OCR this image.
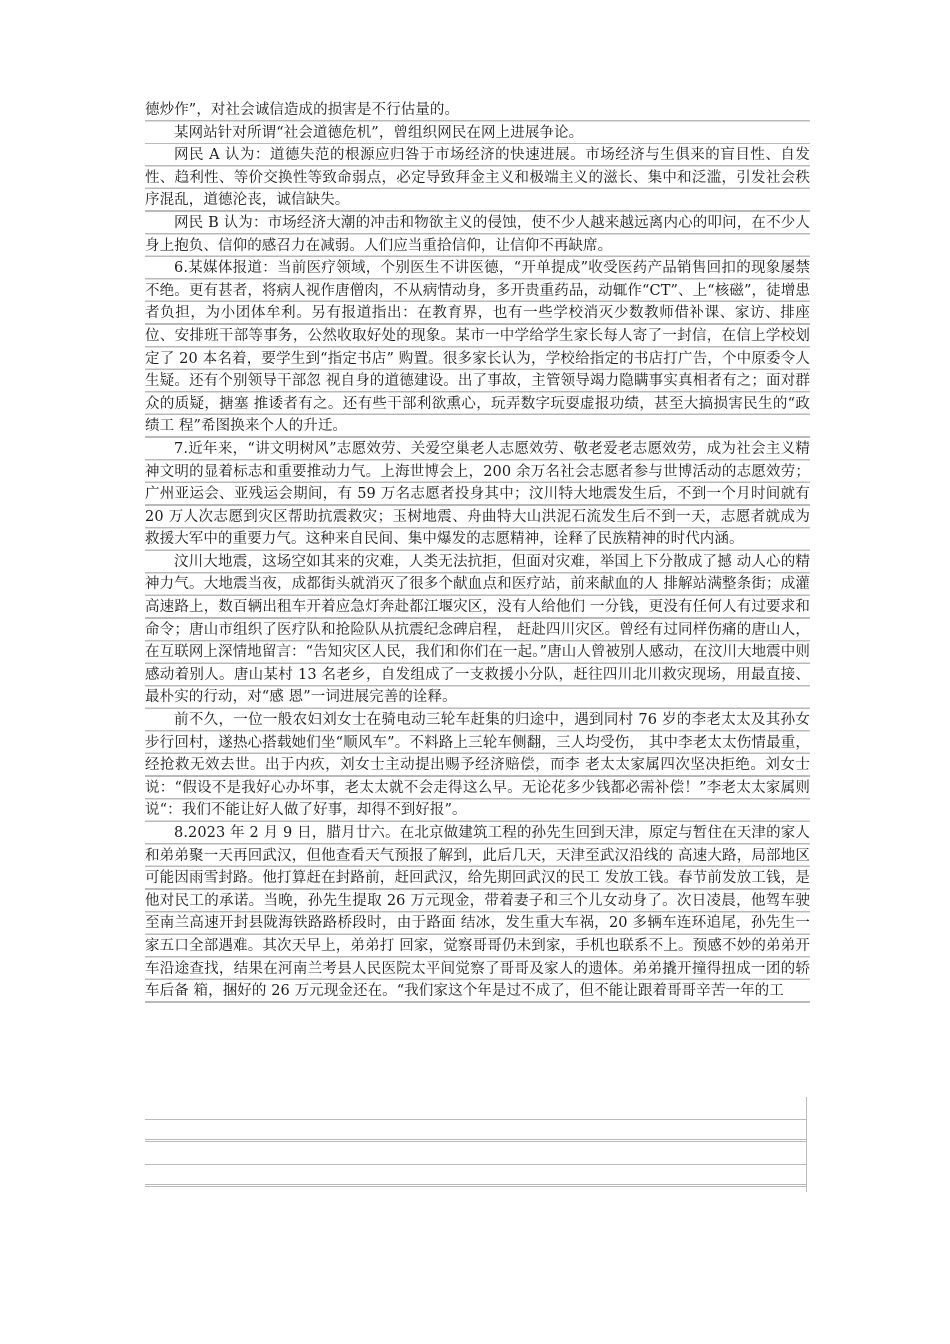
德炒作”，对社会诚信造成的损害是不行估量的。

某网站针对所谓“社会道德危机”，曾组织网民在网上进展争论。

网民 A 认为：道德失范的根源应归咎于市场经济的快速进展。市场经济与生俱来的盲目性、自发性、趋利性、等价交换性等致命弱点，必定导致拜金主义和极端主义的滋长、集中和泛滥，引发社会秩序混乱，道德沦丧，诚信缺失。

网民 B 认为：市场经济大潮的冲击和物欲主义的侵蚀，使不少人越来越远离内心的叩问，在不少人身上抱负、信仰的感召力在减弱。人们应当重拾信仰，让信仰不再缺席。

6.某媒体报道：当前医疗领域，个别医生不讲医德，“开单提成”收受医药产品销售回扣的现象屡禁不绝。更有甚者，将病人视作唐僧肉，不从病情动身，多开贵重药品，动辄作“CT”、上“核磁”，徒增患者负担，为小团体牟利。另有报道指出：在教育界，也有一些学校消灭少数教师借补课、家访、排座位、安排班干部等事务，公然收取好处的现象。某市一中学给学生家长每人寄了一封信，在信上学校划定了 20 本名着，要学生到“指定书店” 购置。很多家长认为，学校给指定的书店打广告，个中原委令人生疑。还有个别领导干部忽 视自身的道德建设。出了事故，主管领导竭力隐瞒事实真相者有之；面对群众的质疑，搪塞 推诿者有之。还有些干部利欲熏心，玩弄数字玩耍虚报功绩，甚至大搞损害民生的“政绩工 程”希图换来个人的升迁。

7.近年来，“讲文明树风”志愿效劳、关爱空巢老人志愿效劳、敬老爱老志愿效劳，成为社会主义精神文明的显着标志和重要推动力气。上海世博会上，200 余万名社会志愿者参与世博活动的志愿效劳；广州亚运会、亚残运会期间，有 59 万名志愿者投身其中；汶川特大地震发生后，不到一个月时间就有 20 万人次志愿到灾区帮助抗震救灾；玉树地震、舟曲特大山洪泥石流发生后不到一天，志愿者就成为救援大军中的重要力气。这种来自民间、集中爆发的志愿精神，诠释了民族精神的时代内涵。

汶川大地震，这场空如其来的灾难，人类无法抗拒，但面对灾难，举国上下分散成了撼 动人心的精神力气。大地震当夜，成都街头就消灭了很多个献血点和医疗站，前来献血的人 排解站满整条街；成灌高速路上，数百辆出租车开着应急灯奔赴都江堰灾区，没有人给他们 一分钱，更没有任何人有过要求和命令；唐山市组织了医疗队和抢险队从抗震纪念碑启程， 赶赴四川灾区。曾经有过同样伤痛的唐山人，在互联网上深情地留言：“告知灾区人民，我们和你们在一起。”唐山人曾被别人感动，在汶川大地震中则感动着别人。唐山某村 13 名老乡，自发组成了一支救援小分队，赶往四川北川救灾现场，用最直接、最朴实的行动，对“感 恩”一词进展完善的诠释。

前不久，一位一般农妇刘女士在骑电动三轮车赶集的归途中，遇到同村 76 岁的李老太太及其孙女步行回村，遂热心搭载她们坐“顺风车”。不料路上三轮车侧翻，三人均受伤， 其中李老太太伤情最重，经抢救无效去世。出于内疚，刘女士主动提出赐予经济赔偿，而李 老太太家属四次坚决拒绝。刘女士说：“假设不是我好心办坏事，老太太就不会走得这么早。无论花多少钱都必需补偿！”李老太太家属则说“：我们不能让好人做了好事，却得不到好报”。

8.2023 年 2 月 9 日，腊月廿六。在北京做建筑工程的孙先生回到天津，原定与暂住在天津的家人和弟弟聚一天再回武汉，但他查看天气预报了解到，此后几天，天津至武汉沿线的 高速大路，局部地区可能因雨雪封路。他打算赶在封路前，赶回武汉，给先期回武汉的民工 发放工钱。春节前发放工钱，是他对民工的承诺。当晚，孙先生提取 26 万元现金，带着妻子和三个儿女动身了。次日凌晨，他驾车驶至南兰高速开封县陇海铁路路桥段时，由于路面 结冰，发生重大车祸，20 多辆车连环追尾，孙先生一家五口全部遇难。其次天早上，弟弟打 回家，觉察哥哥仍未到家，手机也联系不上。预感不妙的弟弟开车沿途查找，结果在河南兰考县人民医院太平间觉察了哥哥及家人的遗体。弟弟撬开撞得扭成一团的轿车后备 箱，捆好的 26 万元现金还在。“我们家这个年是过不成了，但不能让跟着哥哥辛苦一年的工
